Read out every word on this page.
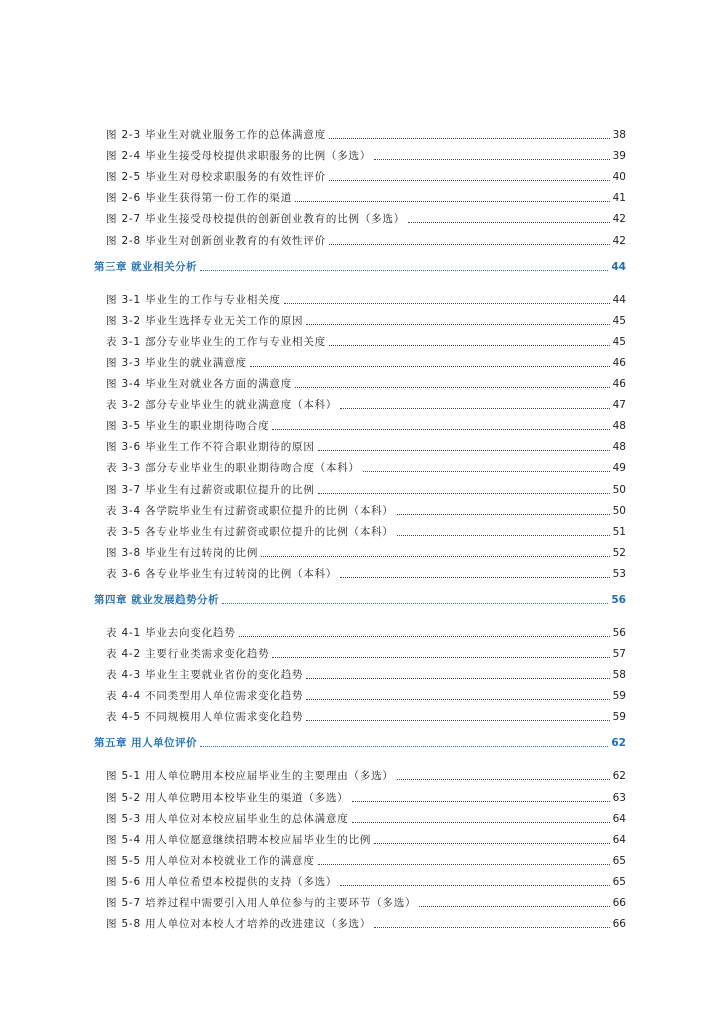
图 2-3 毕业生对就业服务工作的总体满意度	38
图 2-4 毕业生接受母校提供求职服务的比例（多选）	39
图 2-5 毕业生对母校求职服务的有效性评价	40
图 2-6 毕业生获得第一份工作的渠道	41
图 2-7 毕业生接受母校提供的创新创业教育的比例（多选）	42
图 2-8 毕业生对创新创业教育的有效性评价	42
第三章 就业相关分析	44
图 3-1 毕业生的工作与专业相关度	44
图 3-2 毕业生选择专业无关工作的原因	45
表 3-1 部分专业毕业生的工作与专业相关度	45
图 3-3 毕业生的就业满意度	46
图 3-4 毕业生对就业各方面的满意度	46
表 3-2 部分专业毕业生的就业满意度（本科）	47
图 3-5 毕业生的职业期待吻合度	48
图 3-6 毕业生工作不符合职业期待的原因	48
表 3-3 部分专业毕业生的职业期待吻合度（本科）	49
图 3-7 毕业生有过薪资或职位提升的比例	50
表 3-4 各学院毕业生有过薪资或职位提升的比例（本科）	50
表 3-5 各专业毕业生有过薪资或职位提升的比例（本科）	51
图 3-8 毕业生有过转岗的比例	52
表 3-6 各专业毕业生有过转岗的比例（本科）	53
第四章 就业发展趋势分析	56
表 4-1 毕业去向变化趋势	56
表 4-2 主要行业类需求变化趋势	57
表 4-3 毕业生主要就业省份的变化趋势	58
表 4-4 不同类型用人单位需求变化趋势	59
表 4-5 不同规模用人单位需求变化趋势	59
第五章 用人单位评价	62
图 5-1 用人单位聘用本校应届毕业生的主要理由（多选）	62
图 5-2 用人单位聘用本校毕业生的渠道（多选）	63
图 5-3 用人单位对本校应届毕业生的总体满意度	64
图 5-4 用人单位愿意继续招聘本校应届毕业生的比例	64
图 5-5 用人单位对本校就业工作的满意度	65
图 5-6 用人单位希望本校提供的支持（多选）	65
图 5-7 培养过程中需要引入用人单位参与的主要环节（多选）	66
图 5-8 用人单位对本校人才培养的改进建议（多选）	66
